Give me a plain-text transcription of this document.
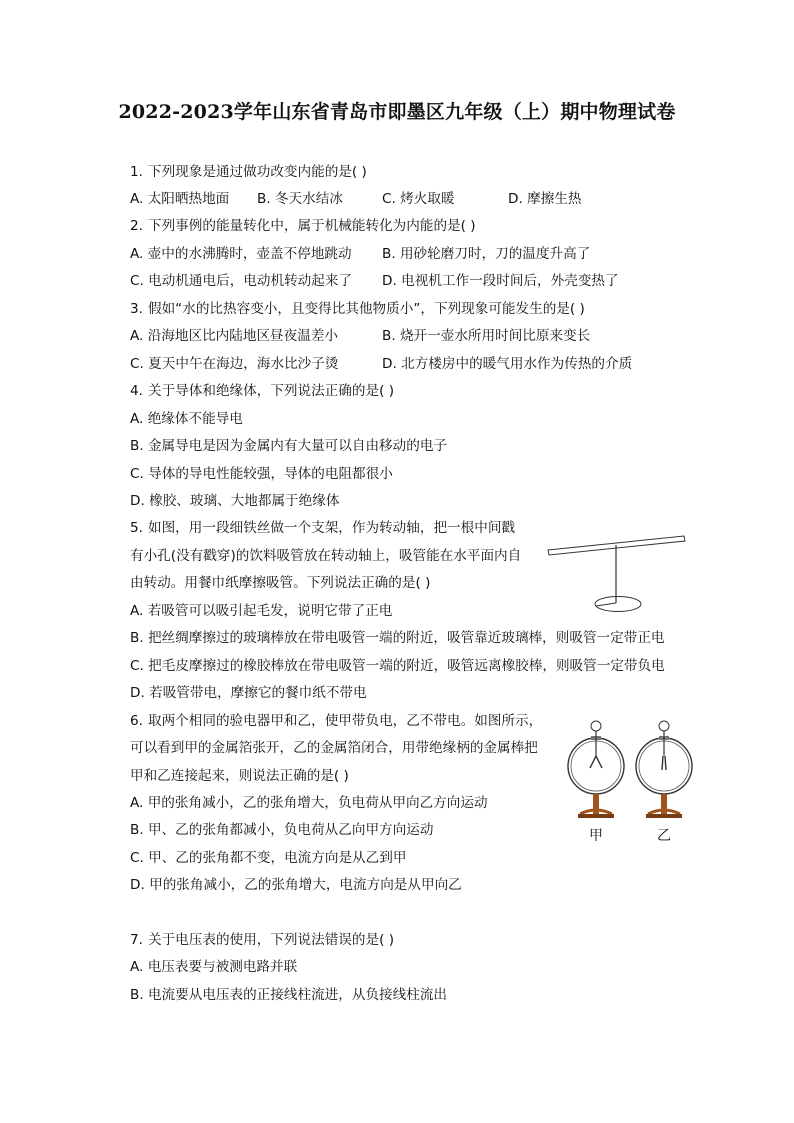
2022-2023学年山东省青岛市即墨区九年级（上）期中物理试卷
1. 下列现象是通过做功改变内能的是( )
A. 太阳晒热地面 B. 冬天水结冰	C. 烤火取暖	D. 摩擦生热
2. 下列事例的能量转化中，属于机械能转化为内能的是( )
A. 壶中的水沸腾时，壶盖不停地跳动 B. 用砂轮磨刀时，刀的温度升高了
C. 电动机通电后，电动机转动起来了 D. 电视机工作一段时间后，外壳变热了
3. 假如“水的比热容变小，且变得比其他物质小”，下列现象可能发生的是( )
A. 沿海地区比内陆地区昼夜温差小	B. 烧开一壶水所用时间比原来变长
C. 夏天中午在海边，海水比沙子烫	D. 北方楼房中的暖气用水作为传热的介质
4. 关于导体和绝缘体，下列说法正确的是( )
A. 绝缘体不能导电
B. 金属导电是因为金属内有大量可以自由移动的电子
C. 导体的导电性能较强，导体的电阻都很小
D. 橡胶、玻璃、大地都属于绝缘体
5. 如图，用一段细铁丝做一个支架，作为转动轴，把一根中间戳
有小孔(没有戳穿)的饮料吸管放在转动轴上，吸管能在水平面内自
由转动。用餐巾纸摩擦吸管。下列说法正确的是( )
A. 若吸管可以吸引起毛发，说明它带了正电
B. 把丝绸摩擦过的玻璃棒放在带电吸管一端的附近，吸管靠近玻璃棒，则吸管一定带正电
C. 把毛皮摩擦过的橡胶棒放在带电吸管一端的附近，吸管远离橡胶棒，则吸管一定带负电
D. 若吸管带电，摩擦它的餐巾纸不带电
6. 取两个相同的验电器甲和乙，使甲带负电，乙不带电。如图所示，
可以看到甲的金属箔张开，乙的金属箔闭合，用带绝缘柄的金属棒把
甲和乙连接起来，则说法正确的是( )
A. 甲的张角减小，乙的张角增大，负电荷从甲向乙方向运动
B. 甲、乙的张角都减小，负电荷从乙向甲方向运动
C. 甲、乙的张角都不变，电流方向是从乙到甲
D. 甲的张角减小，乙的张角增大，电流方向是从甲向乙
甲	乙
7. 关于电压表的使用，下列说法错误的是( )
A. 电压表要与被测电路并联
B. 电流要从电压表的正接线柱流进，从负接线柱流出
